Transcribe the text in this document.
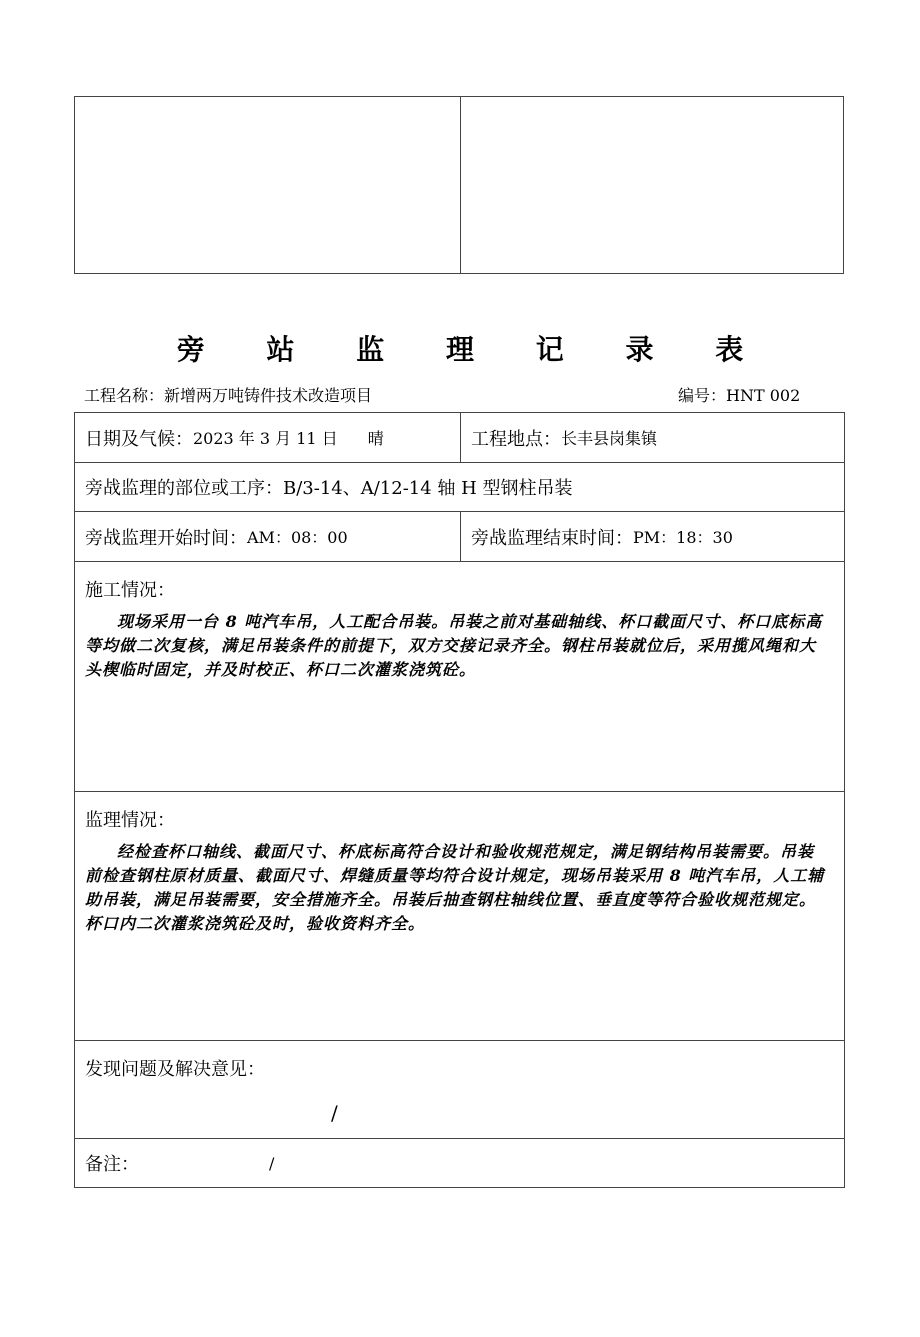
旁 站 监 理 记 录 表
工程名称：新增两万吨铸件技术改造项目	编号：HNT 002
日期及气候： 2023 年 3 月 11 日 晴	工程地点： 长丰县岗集镇
旁战监理的部位或工序： B/3-14、A/12-14 轴 H 型钢柱吊装
旁战监理开始时间： AM：08：00	旁战监理结束时间： PM：18：30
施工情况：
现场采用一台 8 吨汽车吊，人工配合吊装。吊装之前对基础轴线、杯口截面尺寸、杯口底标高等均做二次复核，满足吊装条件的前提下，双方交接记录齐全。钢柱吊装就位后，采用揽风绳和大头楔临时固定，并及时校正、杯口二次灌浆浇筑砼。
监理情况：
经检查杯口轴线、截面尺寸、杯底标高符合设计和验收规范规定，满足钢结构吊装需要。吊装前检查钢柱原材质量、截面尺寸、焊缝质量等均符合设计规定，现场吊装采用 8 吨汽车吊，人工辅助吊装，满足吊装需要，安全措施齐全。吊装后抽查钢柱轴线位置、垂直度等符合验收规范规定。杯口内二次灌浆浇筑砼及时，验收资料齐全。
发现问题及解决意见：
/
备注：	/
